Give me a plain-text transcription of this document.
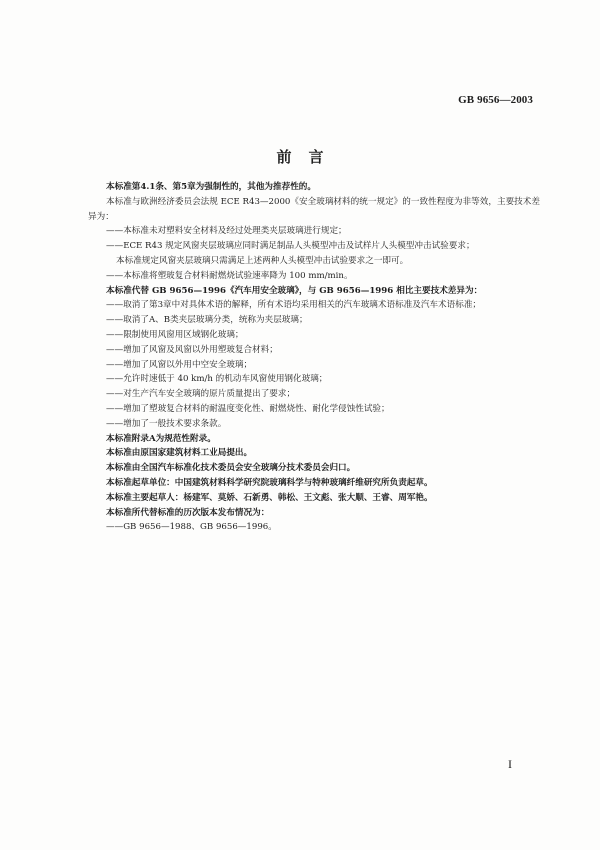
GB 9656—2003
前言

本标准第4.1条、第5章为强制性的，其他为推荐性的。

本标准与欧洲经济委员会法规 ECE R43—2000《安全玻璃材料的统一规定》的一致性程度为非等效，主要技术差异为：

——本标准未对塑料安全材料及经过处理类夹层玻璃进行规定；

——ECE R43 规定风窗夹层玻璃应同时满足制品人头模型冲击及试样片人头模型冲击试验要求；

本标准规定风窗夹层玻璃只需满足上述两种人头模型冲击试验要求之一即可。

——本标准将塑玻复合材料耐燃烧试验速率降为 100 mm/min。

本标准代替 GB 9656—1996《汽车用安全玻璃》，与 GB 9656—1996 相比主要技术差异为：

——取消了第3章中对具体术语的解释，所有术语均采用相关的汽车玻璃术语标准及汽车术语标准；

——取消了A、B类夹层玻璃分类，统称为夹层玻璃；

——限制使用风窗用区域钢化玻璃；

——增加了风窗及风窗以外用塑玻复合材料；

——增加了风窗以外用中空安全玻璃；

——允许时速低于 40 km/h 的机动车风窗使用钢化玻璃；

——对生产汽车安全玻璃的原片质量提出了要求；

——增加了塑玻复合材料的耐温度变化性、耐燃烧性、耐化学侵蚀性试验；

——增加了一般技术要求条款。

本标准附录A为规范性附录。

本标准由原国家建筑材料工业局提出。

本标准由全国汽车标准化技术委员会安全玻璃分技术委员会归口。

本标准起草单位：中国建筑材料科学研究院玻璃科学与特种玻璃纤维研究所负责起草。

本标准主要起草人：杨建军、莫娇、石新勇、韩松、王文彪、张大顺、王睿、周军艳。

本标准所代替标准的历次版本发布情况为：

——GB 9656—1988、GB 9656—1996。

I
